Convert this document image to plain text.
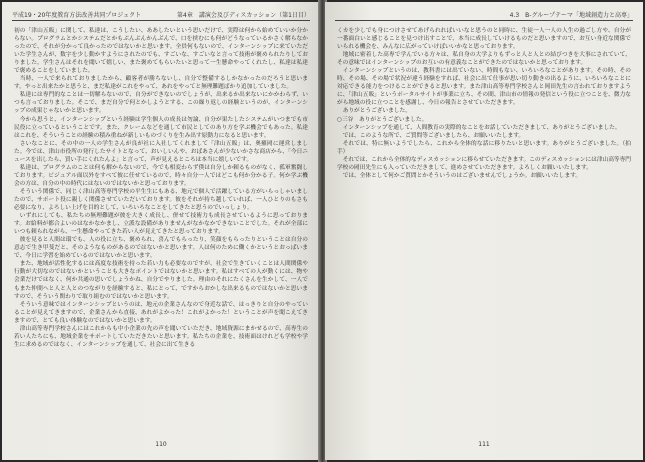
平成19・20年度教育方法改善共同プロジェクト	第4章　講演会及びディスカッション（第1日目）

初の「津山五販」に関して、私達は、こうしたい、ああしたいという思いだけで、実際は何から始めていいか分からない。プログラムとかシステムだとかもぶんぶんかんぷんで、口を挟むにも何がどうなっているかさく解らなかったので、それが分かって良かったのではないかと思います。全員何もないので、インターンシップに来ていただいた学生さんが、数字を少し動かすようにされたのでも、すごいな、すごいなと言って技術が褒められたりしておりました。学生さんはそれを聞いて嬉しい、また褒めてもらいたいと思って一生懸命やってくれたし、私達は私達で褒めることをしていました。

当時、一人で来られておりましたから、顧客者が勝ちないし、自分で整備するしかなかったのだろうと思います。やっと出来たかと思うと、まだ私達がこれをやって、あれをやってと無理難題ばかり追加していました。

私達には専門的なことは一切解らないので、自分ができないのでしょうが、出来るか出来ないにかかわらず、いつも言っておりました。そこで、まだ自分で何とかしようとする、この繰り返しの経験というのが、インターンシップの成果じゃないかと思います。

今から思うと、インターンシップという経験は学生個人の成長は勿論、自分が果たしたシステムがいつまでも市民役に立っているということです。また、クレームなどを通して市民としてのあり方を学ぶ機会でもあった。私達はこれを、そういうことの経験の積み重ねが新しいものづくりを生み出す原動力になると思います。

さいなことに、その中の一人の学生さんが良が社に入社してくれまして「津山五販」は、奥羅岡に運営しました。今では、津山市役所の発行したサイトとなって、おいしいんや、おばあさんが少ないかさな商店から、「今日ニュースを出したら、買い手にくれたんよ」と言って、声が見えるところは本当に嬉しいです。

私達は、プログラムのことは何も解からないので、今でも相変わらず僕は自分しか頼るものがなく、孤軍奮闘しております。ビジュアル面以外をすべて彼に任せているので、時々自分一人ではどこも何か分かる子。何か学ぶ機会の方は、自分の中の時代にはないのではないかと思っております。

そういう関係で、同じく津山高等専門学校の平生生にもある、地元で個人で活躍している方がいらっしゃいましたので、サポート役に親しく関係させていただいております。彼をそれが持ち越していれば、一人ひとりのもさも必要になり、よろしい上げを目的として、いろいろなことをしてきたと思うのでいっしょり。

いずれにしても、私たちの無理難題が彼を大きく成長し、併せて技術力も成長させているように思っております。お給料が都合よいのはなかなかまし、立派な設備がありませんがなかなかできないことでした。それが全部にいつも頼られながら、一生懸命やってきた若い人が見えてきたと思っております。

彼を見ると人間は環でも、人の役に立ち、褒められ、喜んでもらったり、笑顔をもらったりということは自分の意志で生き甲斐だと、そのようなものがあるのではないかと思います。人は何のために働くかというとおっぱいまで、今日に学習を始めているのではないかと思います。

また、地域が活性化するには高度な技術を持った若い力も必要なのですが、社会で生きていくことは人間関係や行動が大切なのではないかということも大きなポイントではないかと思います。私はすべての人が動くには、物や会業だけではなく、何か共通の思いでしょうかね、自分でやりました。理由のそれにたくさんを生かして、一人でもまた仲間へと人と人とのつながりを経験すると、私にとって、ですからおかしな出来るものではないかと思いますので、そういう関わりで取り組むのではないかと思います。

そういう意味ではインターンシップというのは、地元の企業さんなので身近な話で、はっきりと自分のやっていることが見えてきますので、企業さんから直接、あれがよかった！これがよかった！ということが声を聞こえてきますので、とても良い体験なのではないかと思います。

津山高等専門学校さんにはこれからも中小企業の先の声を聞いていただき、地域資源にまかせるので、高専生の若い人たちにも、地域企業をサポートしていただきたいと思います。私たちの企業を、技術面はけれども学校や学生に求めるのではなく、インターンシップを通して、社会に出て生きる

110
4.3　B-グループテーマ「地域創造力と高専」

くカを少しでも身につけさせてあげられればいいなと思うのと同時に、生徒一人一人の人生の過ごし方や、自分が一番面白いと感じることを見つけ出すことで、本当に成長していけるものだと思いますので、お互い身近な関係でいられる機会を、みんなに広がっていけばいいかなと思っております。

地域に密着した高専で学んでいる方々は、私自身の大学よりもずっと人と人との結びつきを大事にされていて、その意味ではインターンシップのお互いの有意義なことができたのではないかと思っております。

インターンシップというのは、教科書には出ていない、時間もない、いろいろなことがあります。その時、その時、その場、その場で状況が違う経験をすれば、社会に出て仕事が思い切り動きの出るように、いろいろなことに対応できる能力をつけることができると思います。また津山高等専門学校さんと岡田先生の言われておりますように、「津山五販」というポータルサイトが事業に立ち、その間、津山市の情報の発信という役に立つことを、微力ながら地域の役に立つことを感謝し、今日の報告とさせていただきます。

ありがとうございました。

○三谷　ありがとうございました。

インターンシップを通して、人間教育の実際的なことをお話していただきまして、ありがとうございました。

では、このような所で、ご質問等ございましたら、お願いいたします。

それでは、特に無いようでしたら、これから全体的な話に移りたいと思います。ありがとうございました。（拍手）

それでは、これから全体的なディスカッションに移らせていただきます。このディスカッションには津山高等専門学校の岡田先生にも入っていただきまして、進めさせていただきます。よろしくお願いいたします。

では、全体として何かご質問とかそういうのはございませんでしょうか。お願いいたします。

111
